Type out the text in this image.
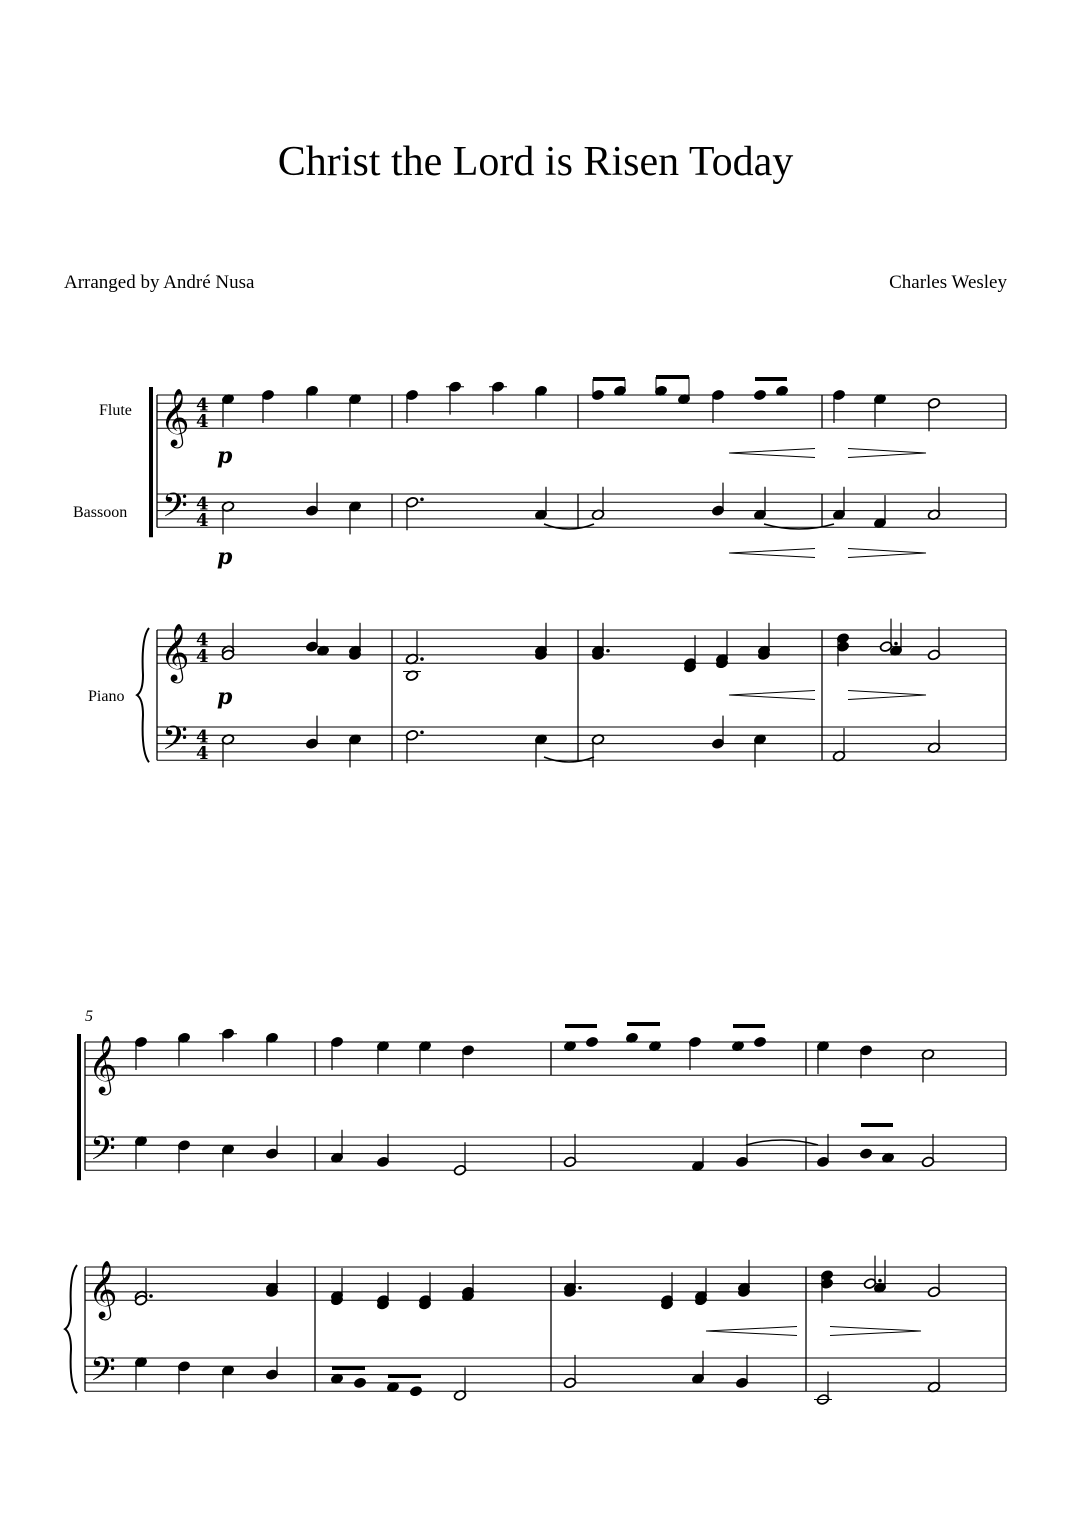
Christ the Lord is Risen Today
Arranged by André Nusa	Charles Wesley
Flute
Bassoon
Piano
5
𝄞
𝄢
𝄞
𝄢
4
4
4
4
4
4
4
4
p
p
p
𝄞
𝄢
𝄞
𝄢
